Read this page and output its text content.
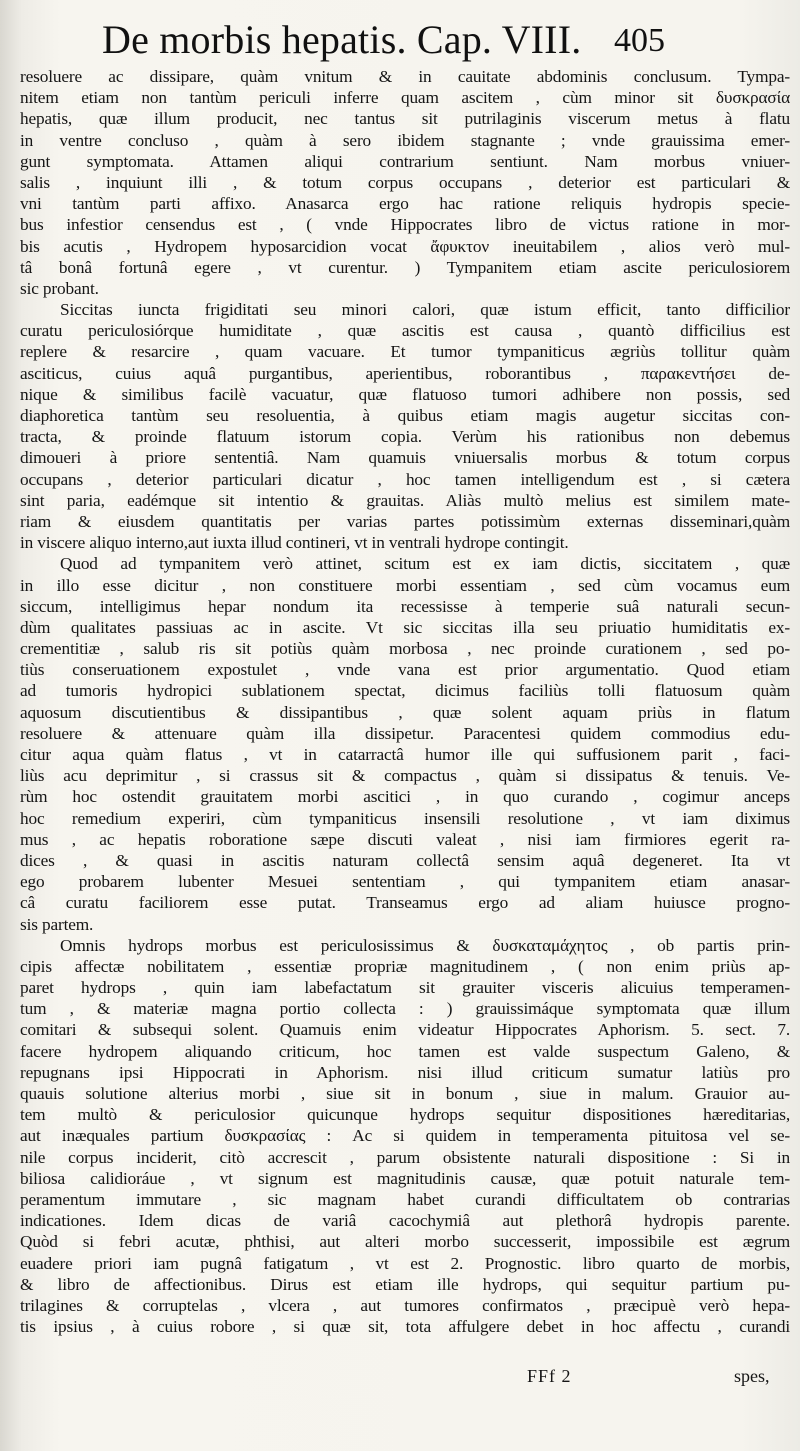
De morbis hepatis. Cap. VIII. 405
resoluere ac dissipare, quàm vnitum & in cauitate abdominis conclusum. Tympa-
nitem etiam non tantùm periculi inferre quam ascitem , cùm minor sit δυσκρασία
hepatis, quæ illum producit, nec tantus sit putrilaginis viscerum metus à flatu
in ventre concluso , quàm à sero ibidem stagnante ; vnde grauissima emer-
gunt symptomata. Attamen aliqui contrarium sentiunt. Nam morbus vniuer-
salis , inquiunt illi , & totum corpus occupans , deterior est particulari &
vni tantùm parti affixo. Anasarca ergo hac ratione reliquis hydropis specie-
bus infestior censendus est , ( vnde Hippocrates libro de victus ratione in mor-
bis acutis , Hydropem hyposarcidion vocat ἄφυκτον ineuitabilem , alios verò mul-
tâ bonâ fortunâ egere , vt curentur. ) Tympanitem etiam ascite periculosiorem
sic probant.
Siccitas iuncta frigiditati seu minori calori, quæ istum efficit, tanto difficilior
curatu periculosiórque humiditate , quæ ascitis est causa , quantò difficilius est
replere & resarcire , quam vacuare. Et tumor tympaniticus ægriùs tollitur quàm
asciticus, cuius aquâ purgantibus, aperientibus, roborantibus , παρακεντήσει de-
nique & similibus facilè vacuatur, quæ flatuoso tumori adhibere non possis, sed
diaphoretica tantùm seu resoluentia, à quibus etiam magis augetur siccitas con-
tracta, & proinde flatuum istorum copia. Verùm his rationibus non debemus
dimoueri à priore sententiâ. Nam quamuis vniuersalis morbus & totum corpus
occupans , deterior particulari dicatur , hoc tamen intelligendum est , si cætera
sint paria, eadémque sit intentio & grauitas. Aliàs multò melius est similem mate-
riam & eiusdem quantitatis per varias partes potissimùm externas disseminari,quàm
in viscere aliquo interno,aut iuxta illud contineri, vt in ventrali hydrope contingit.
Quod ad tympanitem verò attinet, scitum est ex iam dictis, siccitatem , quæ
in illo esse dicitur , non constituere morbi essentiam , sed cùm vocamus eum
siccum, intelligimus hepar nondum ita recessisse à temperie suâ naturali secun-
dùm qualitates passiuas ac in ascite. Vt sic siccitas illa seu priuatio humiditatis ex-
crementitiæ , salub ris sit potiùs quàm morbosa , nec proinde curationem , sed po-
tiùs conseruationem expostulet , vnde vana est prior argumentatio. Quod etiam
ad tumoris hydropici sublationem spectat, dicimus faciliùs tolli flatuosum quàm
aquosum discutientibus & dissipantibus , quæ solent aquam priùs in flatum
resoluere & attenuare quàm illa dissipetur. Paracentesi quidem commodius edu-
citur aqua quàm flatus , vt in catarractâ humor ille qui suffusionem parit , faci-
liùs acu deprimitur , si crassus sit & compactus , quàm si dissipatus & tenuis. Ve-
rùm hoc ostendit grauitatem morbi ascitici , in quo curando , cogimur anceps
hoc remedium experiri, cùm tympaniticus insensili resolutione , vt iam diximus
mus , ac hepatis roboratione sæpe discuti valeat , nisi iam firmiores egerit ra-
dices , & quasi in ascitis naturam collectâ sensim aquâ degeneret. Ita vt
ego probarem lubenter Mesuei sententiam , qui tympanitem etiam anasar-
câ curatu faciliorem esse putat. Transeamus ergo ad aliam huiusce progno-
sis partem.
Omnis hydrops morbus est periculosissimus & δυσκαταμάχητος , ob partis prin-
cipis affectæ nobilitatem , essentiæ propriæ magnitudinem , ( non enim priùs ap-
paret hydrops , quin iam labefactatum sit grauiter visceris alicuius temperamen-
tum , & materiæ magna portio collecta : ) grauissimáque symptomata quæ illum
comitari & subsequi solent. Quamuis enim videatur Hippocrates Aphorism. 5. sect. 7.
facere hydropem aliquando criticum, hoc tamen est valde suspectum Galeno, &
repugnans ipsi Hippocrati in Aphorism. nisi illud criticum sumatur latiùs pro
quauis solutione alterius morbi , siue sit in bonum , siue in malum. Grauior au-
tem multò & periculosior quicunque hydrops sequitur dispositiones hæreditarias,
aut inæquales partium δυσκρασίας : Ac si quidem in temperamenta pituitosa vel se-
nile corpus inciderit, citò accrescit , parum obsistente naturali dispositione : Si in
biliosa calidioráue , vt signum est magnitudinis causæ, quæ potuit naturale tem-
peramentum immutare , sic magnam habet curandi difficultatem ob contrarias
indicationes. Idem dicas de variâ cacochymiâ aut plethorâ hydropis parente.
Quòd si febri acutæ, phthisi, aut alteri morbo successerit, impossibile est ægrum
euadere priori iam pugnâ fatigatum , vt est 2. Prognostic. libro quarto de morbis,
& libro de affectionibus. Dirus est etiam ille hydrops, qui sequitur partium pu-
trilagines & corruptelas , vlcera , aut tumores confirmatos , præcipuè verò hepa-
tis ipsius , à cuius robore , si quæ sit, tota affulgere debet in hoc affectu , curandi
FFf 2	spes,
